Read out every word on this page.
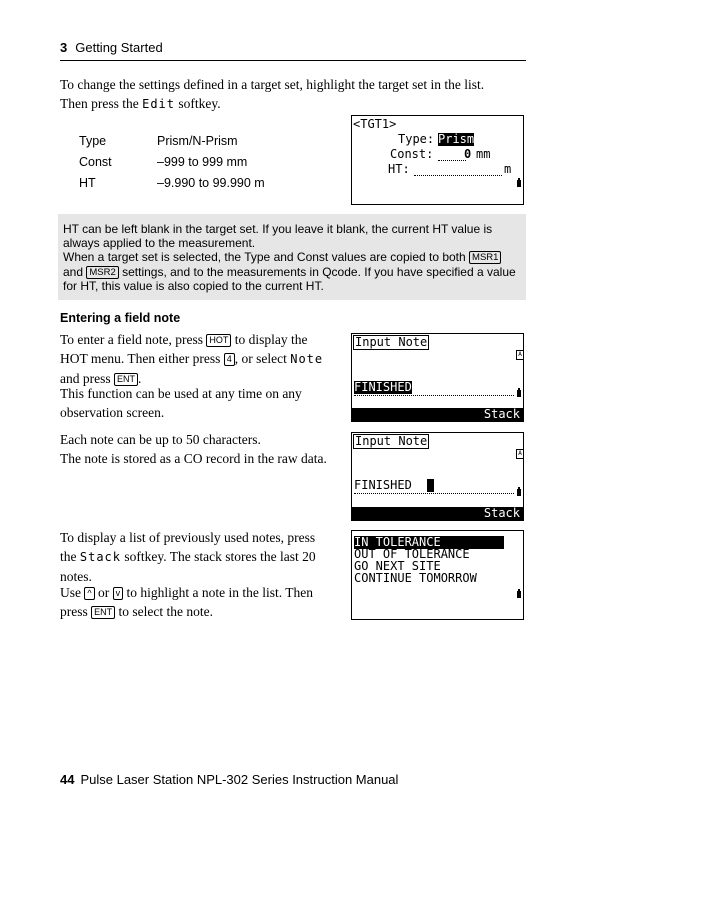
3 Getting Started
To change the settings defined in a target set, highlight the target set in the list.
Then press the Edit softkey.
Type	Prism/N-Prism
Const	–999 to 999 mm
HT	–9.990 to 99.990 m
<TGT1>
Type: Prism
Const:	0 mm
HT:	m
HT can be left blank in the target set. If you leave it blank, the current HT value is always applied to the measurement.
When a target set is selected, the Type and Const values are copied to both MSR1
and MSR2 settings, and to the measurements in Qcode. If you have specified a value for HT, this value is also copied to the current HT.
Entering a field note
To enter a field note, press HOT to display the
HOT menu. Then either press 4 , or select Note
and press ENT .
This function can be used at any time on any observation screen.
Each note can be up to 50 characters.
The note is stored as a CO record in the raw data.
To display a list of previously used notes, press
the Stack softkey. The stack stores the last 20
notes.
Use ^ or v to highlight a note in the list. Then
press ENT to select the note.
Input Note
A
FINISHED
Stack
Input Note
A
FINISHED
Stack
IN TOLERANCE
OUT OF TOLERANCE
GO NEXT SITE
CONTINUE TOMORROW
44 Pulse Laser Station NPL-302 Series Instruction Manual
